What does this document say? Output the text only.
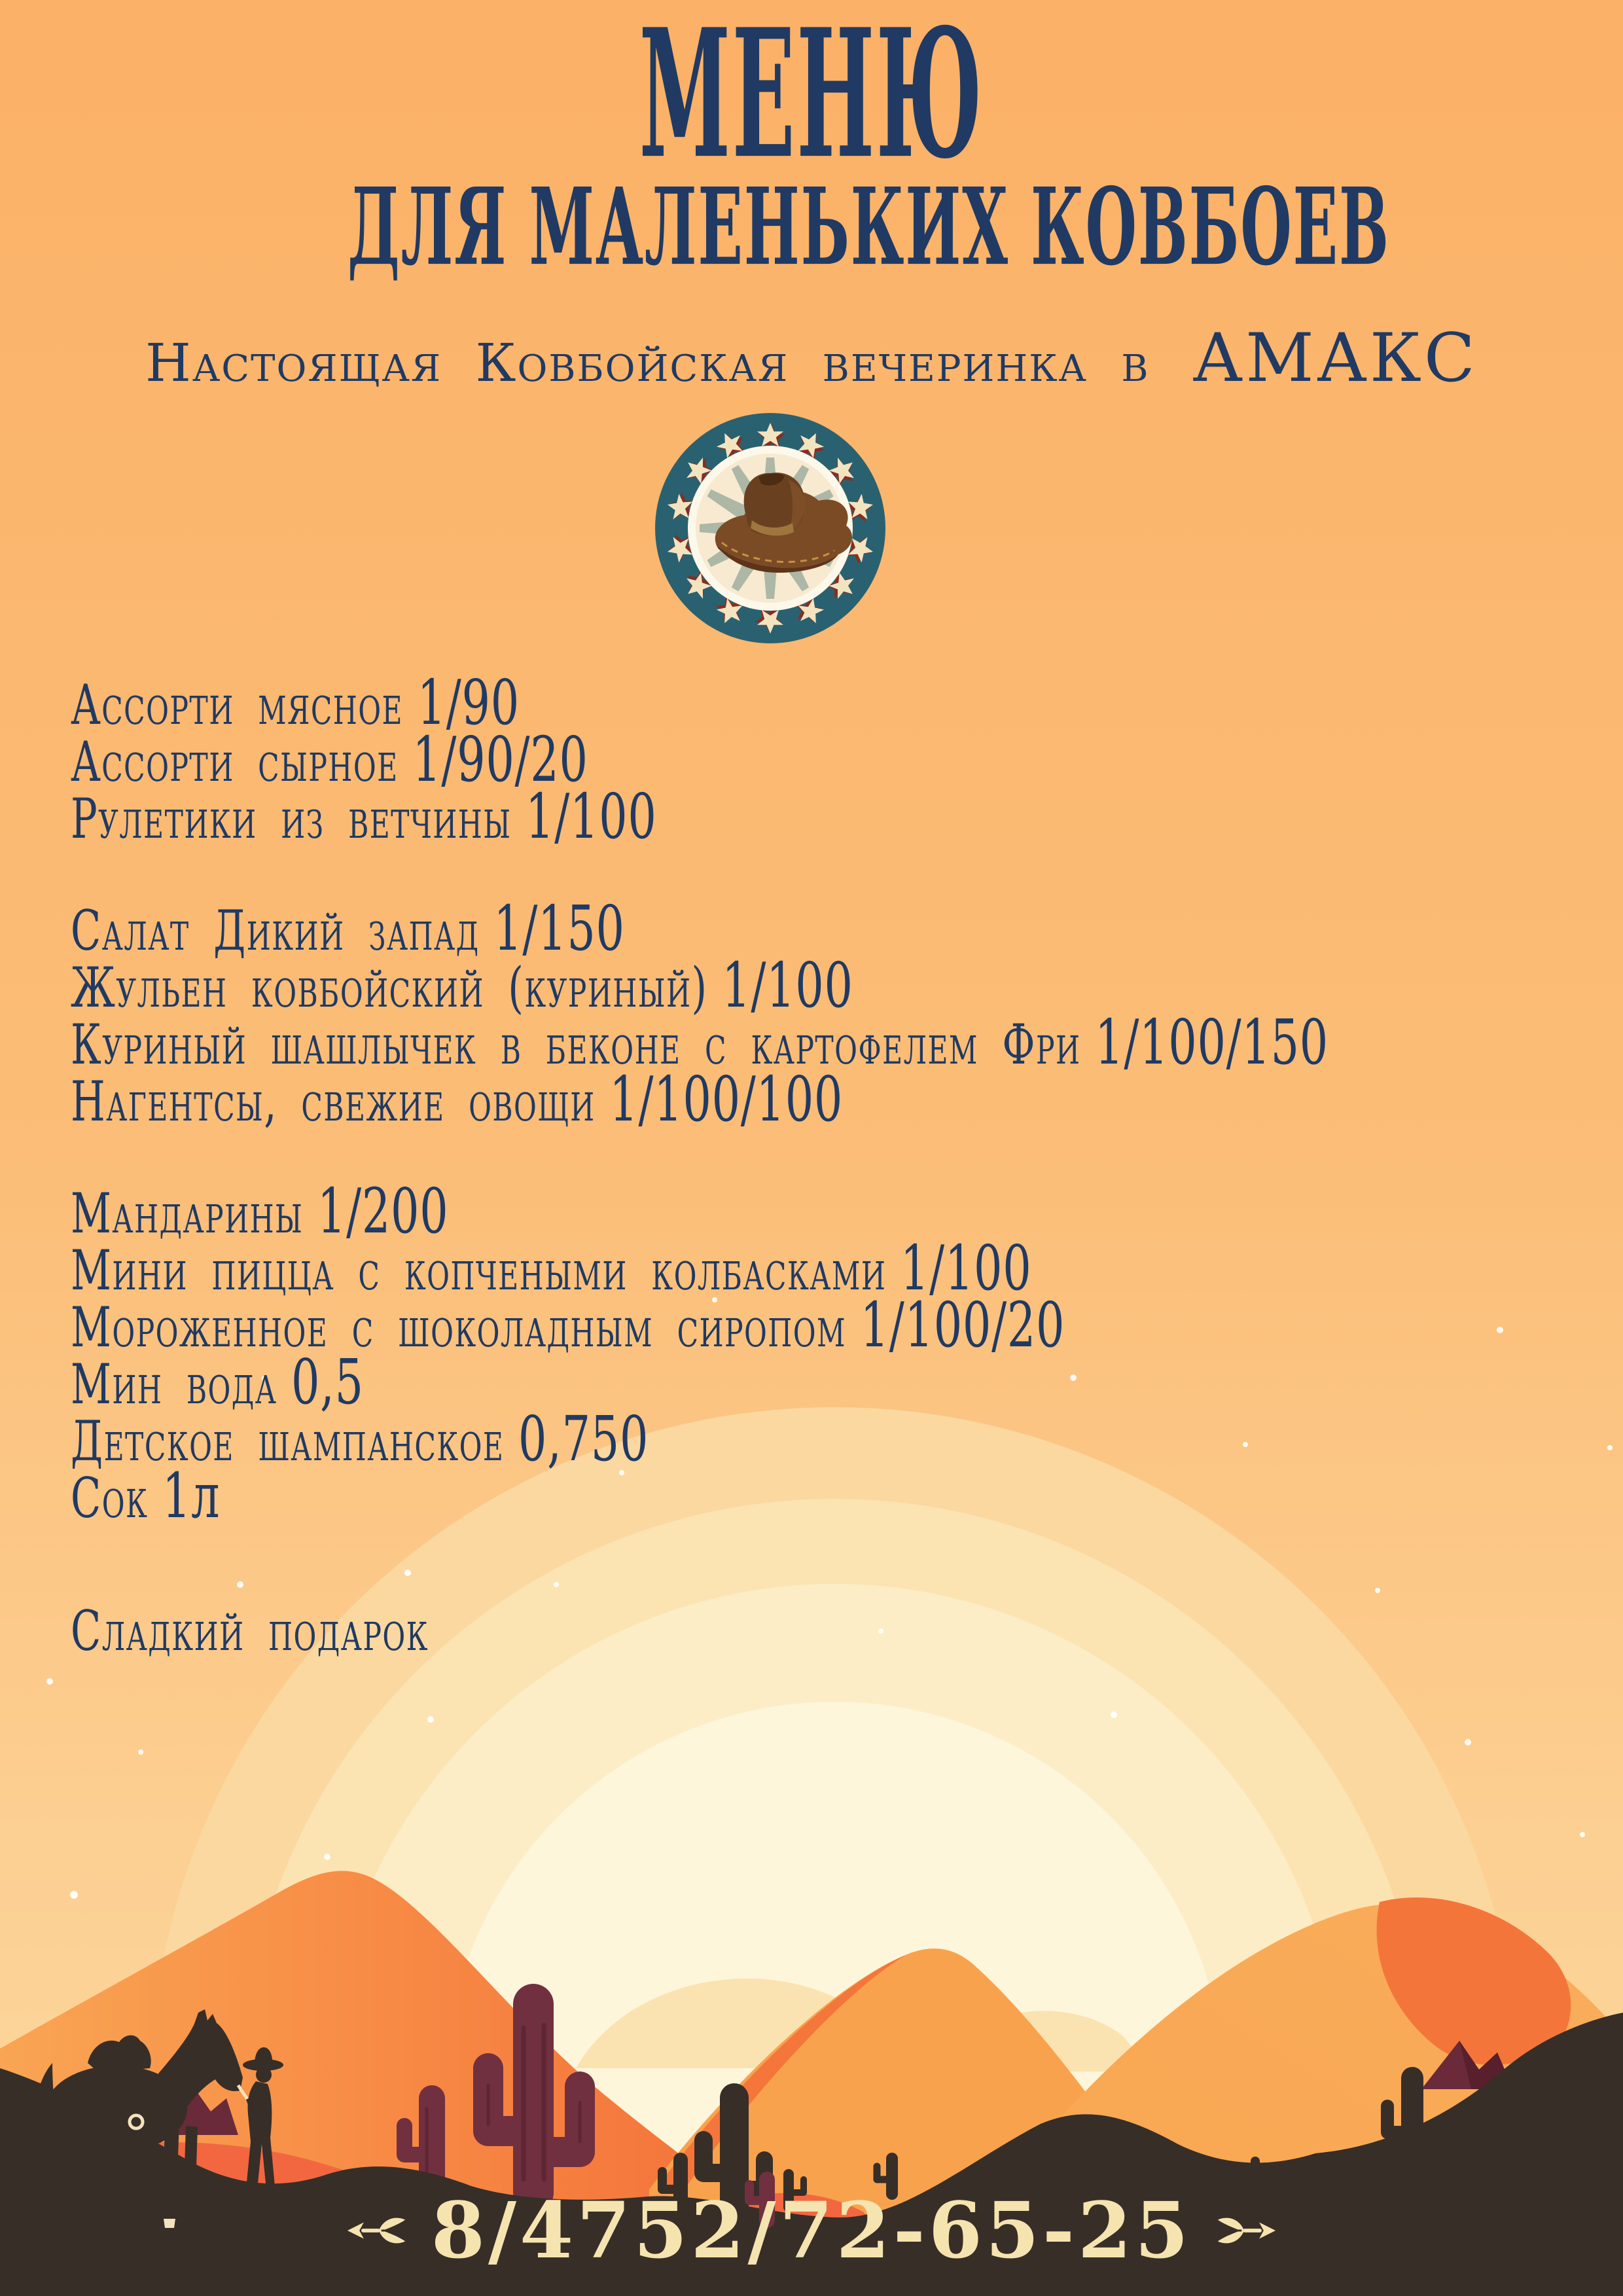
МЕНЮ
ДЛЯ МАЛЕНЬКИХ КОВБОЕВ
Настоящая Ковбойская вечеринка в АМАКС
Ассорти мясное 1/90
Ассорти сырное 1/90/20
Рулетики из ветчины 1/100
Салат Дикий запад 1/150
Жульен ковбойский (куриный) 1/100
Куриный шашлычек в беконе с картофелем Фри 1/100/150
Нагентсы, свежие овощи 1/100/100
Мандарины 1/200
Мини пицца с копчеными колбасками 1/100
Мороженное с шоколадным сиропом 1/100/20
Мин вода 0,5
Детское шампанское 0,750
Сок 1л
Сладкий подарок
8/4752/72-65-25
